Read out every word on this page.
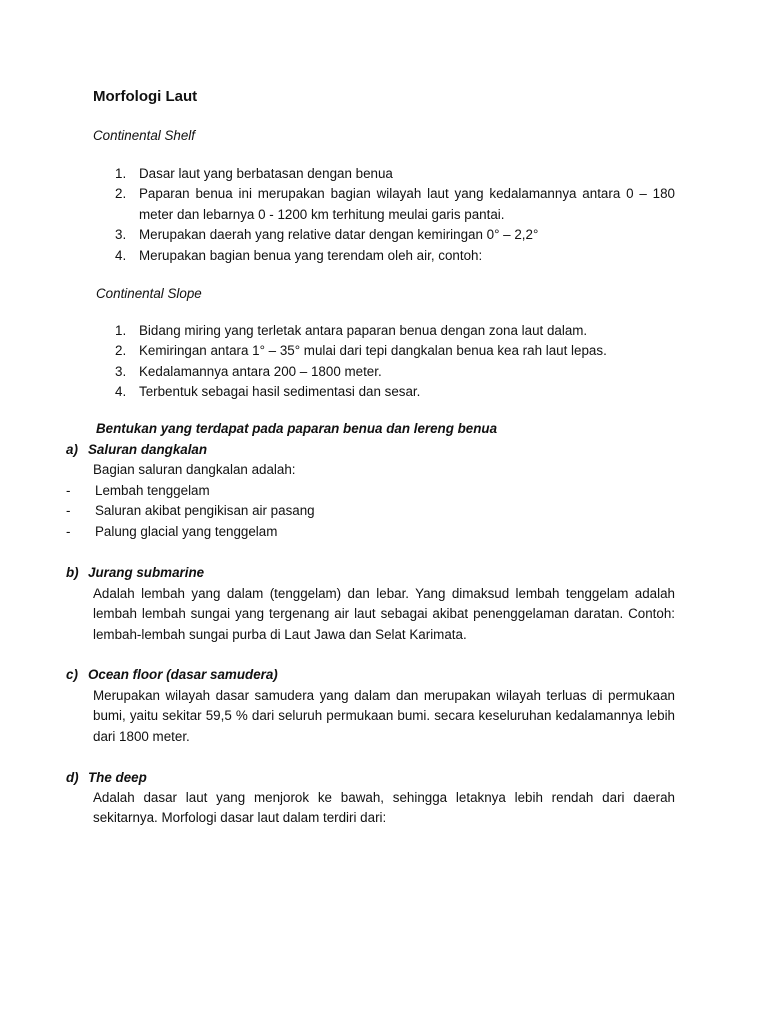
Morfologi Laut

Continental Shelf

1. Dasar laut yang berbatasan dengan benua
2. Paparan benua ini merupakan bagian wilayah laut yang kedalamannya antara 0 – 180 meter dan lebarnya 0 - 1200 km terhitung meulai garis pantai.
3. Merupakan daerah yang relative datar dengan kemiringan 0° – 2,2°
4. Merupakan bagian benua yang terendam oleh air, contoh:

Continental Slope

1. Bidang miring yang terletak antara paparan benua dengan zona laut dalam.
2. Kemiringan antara 1° – 35° mulai dari tepi dangkalan benua kea rah laut lepas.
3. Kedalamannya antara 200 – 1800 meter.
4. Terbentuk sebagai hasil sedimentasi dan sesar.

Bentukan yang terdapat pada paparan benua dan lereng benua

a) Saluran dangkalan

Bagian saluran dangkalan adalah:

- Lembah tenggelam
- Saluran akibat pengikisan air pasang
- Palung glacial yang tenggelam

b) Jurang submarine

Adalah lembah yang dalam (tenggelam) dan lebar. Yang dimaksud lembah tenggelam adalah lembah lembah sungai yang tergenang air laut sebagai akibat penenggelaman daratan. Contoh: lembah-lembah sungai purba di Laut Jawa dan Selat Karimata.

c) Ocean floor (dasar samudera)

Merupakan wilayah dasar samudera yang dalam dan merupakan wilayah terluas di permukaan bumi, yaitu sekitar 59,5 % dari seluruh permukaan bumi. secara keseluruhan kedalamannya lebih dari 1800 meter.

d) The deep

Adalah dasar laut yang menjorok ke bawah, sehingga letaknya lebih rendah dari daerah sekitarnya. Morfologi dasar laut dalam terdiri dari:
